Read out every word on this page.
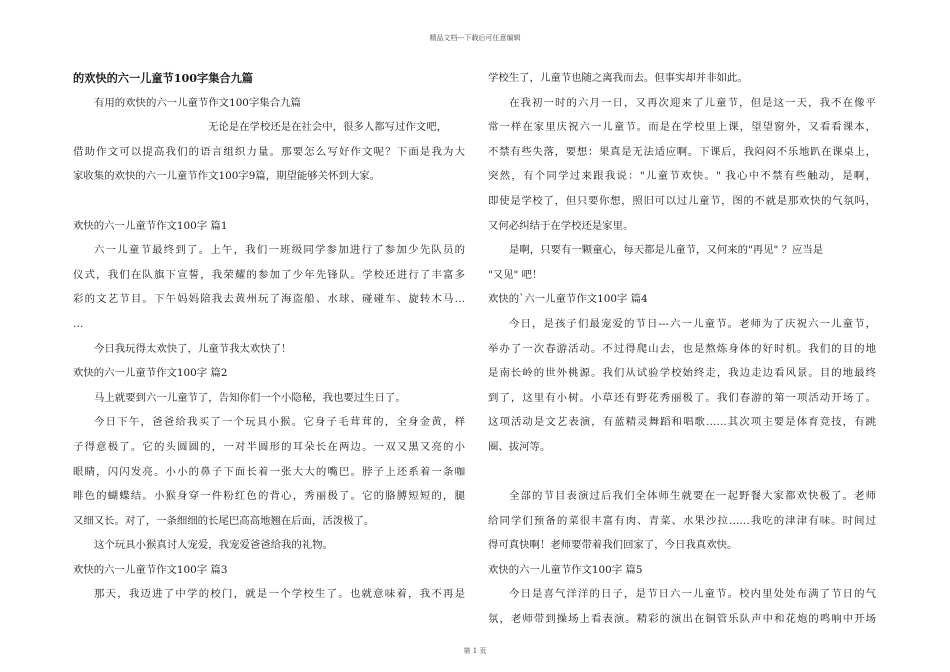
精品文档---下载后可任意编辑
的欢快的六一儿童节100字集合九篇
有用的欢快的六一儿童节作文100字集合九篇
无论是在学校还是在社会中，很多人都写过作文吧，
借助作文可以提高我们的语言组织力量。那要怎么写好作文呢？下面是我为大
家收集的欢快的六一儿童节作文100字9篇，期望能够关怀到大家。
欢快的六一儿童节作文100字 篇1
六一儿童节最终到了。上午，我们一班级同学参加进行了参加少先队员的
仪式，我们在队旗下宣誓，我荣耀的参加了少年先锋队。学校还进行了丰富多
彩的文艺节目。下午妈妈陪我去黄州玩了海盗船、水球、碰碰车、旋转木马…
…
今日我玩得太欢快了，儿童节我太欢快了！
欢快的六一儿童节作文100字 篇2
马上就要到六一儿童节了，告知你们一个小隐秘，我也要过生日了。
今日下午，爸爸给我买了一个玩具小猴。它身子毛茸茸的，全身金黄，样
子得意极了。它的头圆圆的，一对半圆形的耳朵长在两边。一双又黑又亮的小
眼睛，闪闪发亮。小小的鼻子下面长着一张大大的嘴巴。脖子上还系着一条咖
啡色的蝴蝶结。小猴身穿一件粉红色的背心，秀丽极了。它的胳膊短短的，腿
又细又长。对了，一条细细的长尾巴高高地翘在后面，活泼极了。
这个玩具小猴真讨人宠爱，我宠爱爸爸给我的礼物。
欢快的六一儿童节作文100字 篇3
那天，我迈进了中学的校门，就是一个学校生了。也就意味着，我不再是
学校生了，儿童节也随之离我而去。但事实却并非如此。
在我初一时的六月一日，又再次迎来了儿童节，但是这一天，我不在像平
常一样在家里庆祝六一儿童节。而是在学校里上课，望望窗外，又看看课本，
不禁有些失落，要想：果真是无法适应啊。下课后，我闷闷不乐地趴在课桌上，
突然，有个同学过来跟我说："儿童节欢快。" 我心中不禁有些触动，是啊，
即使是学校了，但只要你想，照旧可以过儿童节，图的不就是那欢快的气氛吗，
又何必纠结于在学校还是家里。
是啊，只要有一颗童心，每天都是儿童节，又何来的"再见" ？应当是
"又见" 吧！
欢快的`六一儿童节作文100字 篇4
今日，是孩子们最宠爱的节日---六一儿童节。老师为了庆祝六一儿童节，
举办了一次春游活动。不过得爬山去，也是熬炼身体的好时机。我们的目的地
是南长岭的世外桃源。我们从试验学校始终走，我边走边看风景。目的地最终
到了，这里有小树。小草还有野花秀丽极了。我们春游的第一项活动开场了。
这项活动是文艺表演，有蓝精灵舞蹈和唱歌……其次项主要是体育竞技，有跳
圈、拔河等。
全部的节目表演过后我们全体师生就要在一起野餐大家都欢快极了。老师
给同学们预备的菜很丰富有肉、青菜、水果沙拉……我吃的津津有味。时间过
得可真快啊！老师要带着我们回家了，今日我真欢快。
欢快的六一儿童节作文100字 篇5
今日是喜气洋洋的日子，是节日六一儿童节。校内里处处布满了节日的气
氛，老师带到操场上看表演。精彩的演出在铜管乐队声中和花炮的鸣响中开场
第 1 页
